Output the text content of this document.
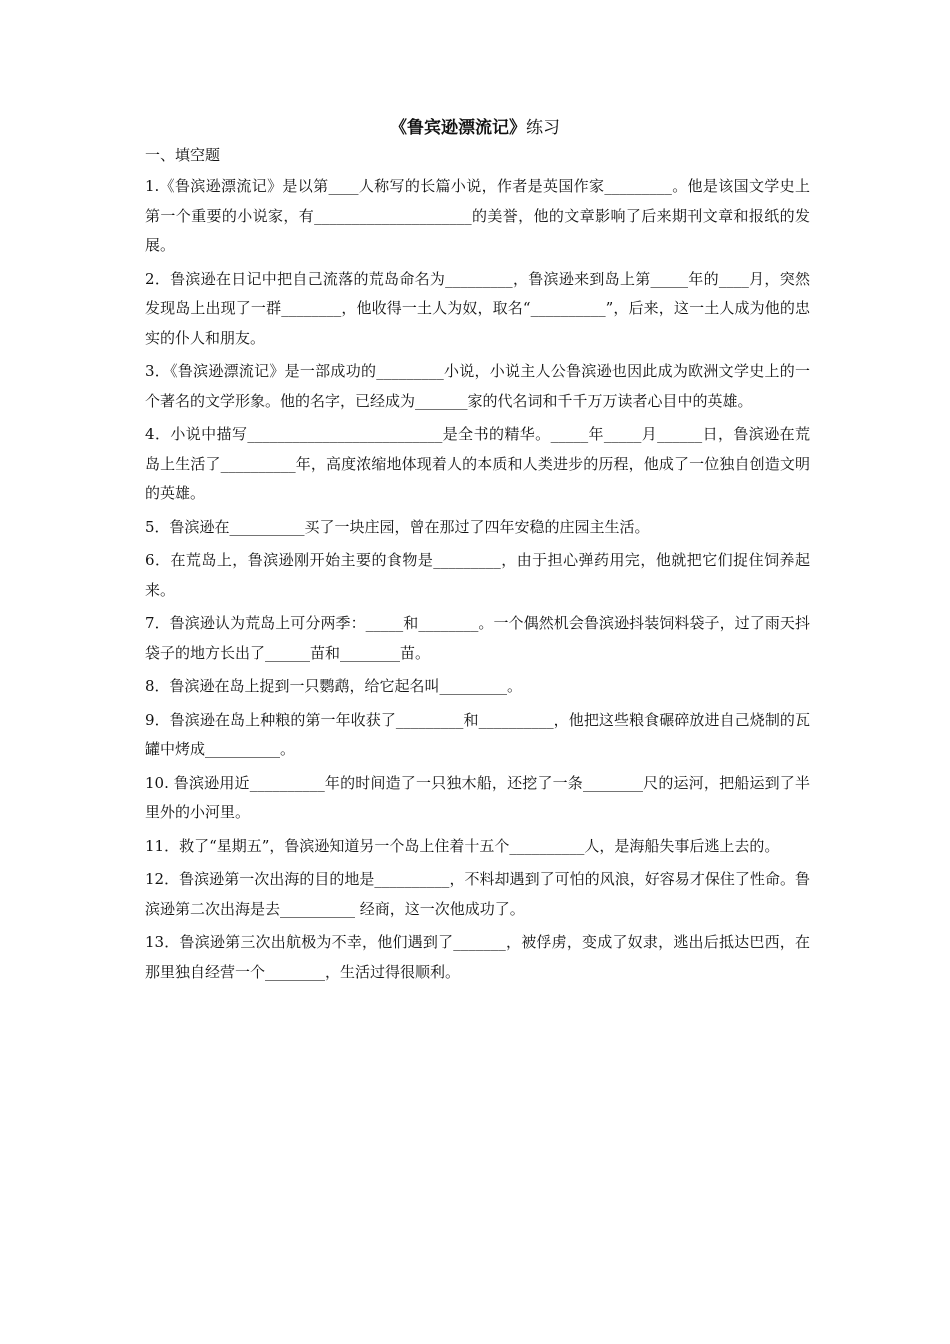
《鲁宾逊漂流记》练习
一、填空题

1.《鲁滨逊漂流记》是以第____人称写的长篇小说，作者是英国作家_________。他是该国文学史上第一个重要的小说家，有_____________________的美誉，他的文章影响了后来期刊文章和报纸的发展。

2．鲁滨逊在日记中把自己流落的荒岛命名为_________，鲁滨逊来到岛上第_____年的____月，突然发现岛上出现了一群________，他收得一土人为奴，取名“__________”，后来，这一土人成为他的忠实的仆人和朋友。

3．《鲁滨逊漂流记》是一部成功的_________小说，小说主人公鲁滨逊也因此成为欧洲文学史上的一个著名的文学形象。他的名字，已经成为_______家的代名词和千千万万读者心目中的英雄。

4．小说中描写__________________________是全书的精华。_____年_____月______日，鲁滨逊在荒岛上生活了__________年，高度浓缩地体现着人的本质和人类进步的历程，他成了一位独自创造文明的英雄。

5．鲁滨逊在__________买了一块庄园，曾在那过了四年安稳的庄园主生活。

6．在荒岛上，鲁滨逊刚开始主要的食物是_________，由于担心弹药用完，他就把它们捉住饲养起来。

7．鲁滨逊认为荒岛上可分两季：_____和________。一个偶然机会鲁滨逊抖装饲料袋子，过了雨天抖袋子的地方长出了______苗和________苗。

8．鲁滨逊在岛上捉到一只鹦鹉，给它起名叫_________。

9．鲁滨逊在岛上种粮的第一年收获了_________和__________，他把这些粮食碾碎放进自己烧制的瓦罐中烤成__________。

10. 鲁滨逊用近__________年的时间造了一只独木船，还挖了一条________尺的运河，把船运到了半里外的小河里。

11．救了“星期五”，鲁滨逊知道另一个岛上住着十五个__________人，是海船失事后逃上去的。

12．鲁滨逊第一次出海的目的地是__________，不料却遇到了可怕的风浪，好容易才保住了性命。鲁滨逊第二次出海是去__________ 经商，这一次他成功了。

13．鲁滨逊第三次出航极为不幸，他们遇到了_______，被俘虏，变成了奴隶，逃出后抵达巴西，在那里独自经营一个________，生活过得很顺利。
